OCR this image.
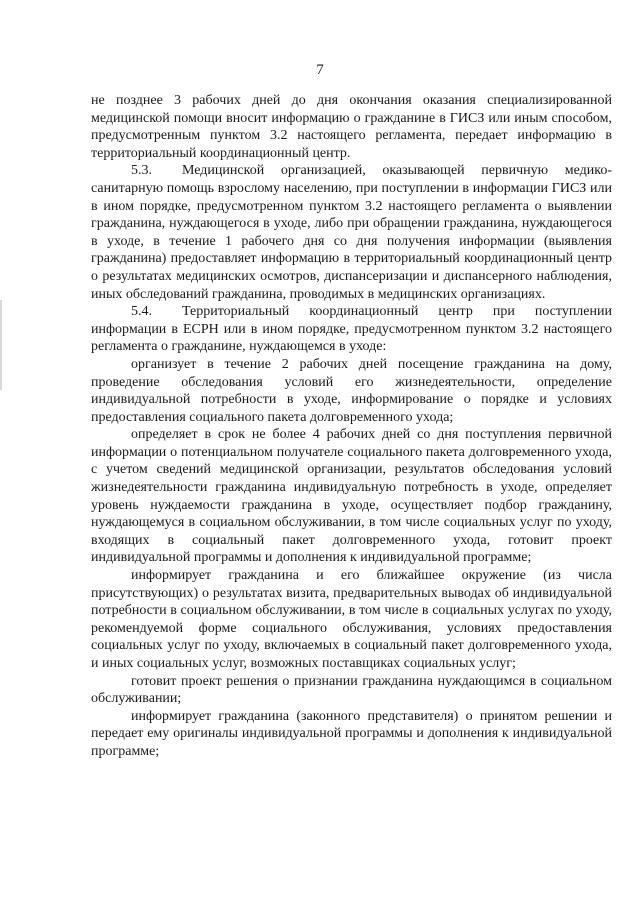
7

не позднее 3 рабочих дней до дня окончания оказания специализированной медицинской помощи вносит информацию о гражданине в ГИСЗ или иным способом, предусмотренным пунктом 3.2 настоящего регламента, передает информацию в территориальный координационный центр.

5.3. Медицинской организацией, оказывающей первичную медико-санитарную помощь взрослому населению, при поступлении в информации ГИСЗ или в ином порядке, предусмотренном пунктом 3.2 настоящего регламента о выявлении гражданина, нуждающегося в уходе, либо при обращении гражданина, нуждающегося в уходе, в течение 1 рабочего дня со дня получения информации (выявления гражданина) предоставляет информацию в территориальный координационный центр о результатах медицинских осмотров, диспансеризации и диспансерного наблюдения, иных обследований гражданина, проводимых в медицинских организациях.

5.4. Территориальный координационный центр при поступлении информации в ЕСРН или в ином порядке, предусмотренном пунктом 3.2 настоящего регламента о гражданине, нуждающемся в уходе:

организует в течение 2 рабочих дней посещение гражданина на дому, проведение обследования условий его жизнедеятельности, определение индивидуальной потребности в уходе, информирование о порядке и условиях предоставления социального пакета долговременного ухода;

определяет в срок не более 4 рабочих дней со дня поступления первичной информации о потенциальном получателе социального пакета долговременного ухода, с учетом сведений медицинской организации, результатов обследования условий жизнедеятельности гражданина индивидуальную потребность в уходе, определяет уровень нуждаемости гражданина в уходе, осуществляет подбор гражданину, нуждающемуся в социальном обслуживании, в том числе социальных услуг по уходу, входящих в социальный пакет долговременного ухода, готовит проект индивидуальной программы и дополнения к индивидуальной программе;

информирует гражданина и его ближайшее окружение (из числа присутствующих) о результатах визита, предварительных выводах об индивидуальной потребности в социальном обслуживании, в том числе в социальных услугах по уходу, рекомендуемой форме социального обслуживания, условиях предоставления социальных услуг по уходу, включаемых в социальный пакет долговременного ухода, и иных социальных услуг, возможных поставщиках социальных услуг;

готовит проект решения о признании гражданина нуждающимся в социальном обслуживании;

информирует гражданина (законного представителя) о принятом решении и передает ему оригиналы индивидуальной программы и дополнения к индивидуальной программе;
